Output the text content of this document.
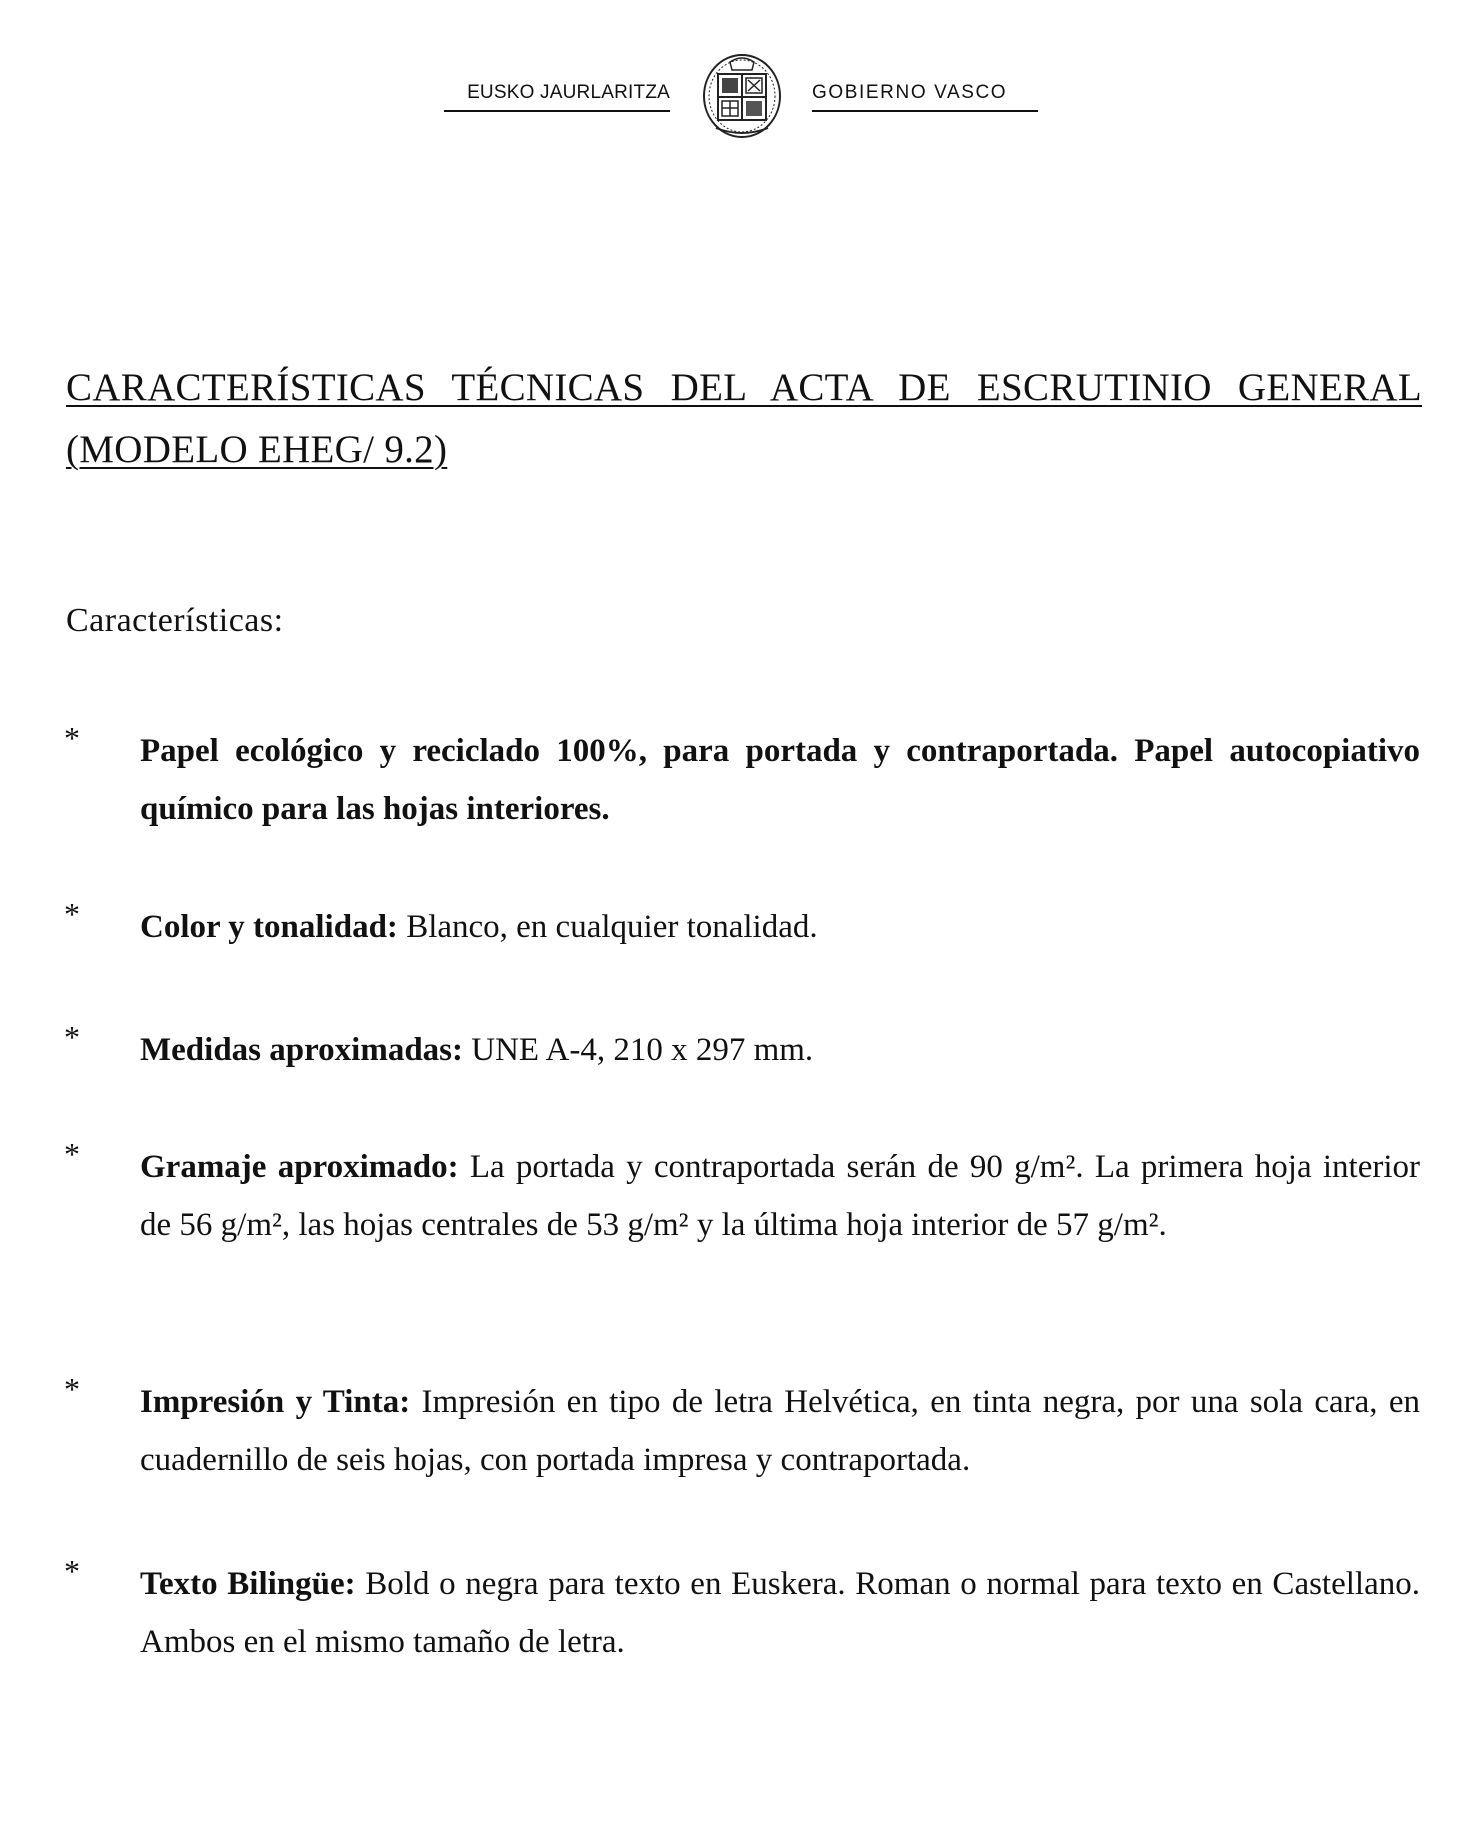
EUSKO JAURLARITZA	GOBIERNO VASCO
CARACTERÍSTICAS TÉCNICAS DEL ACTA DE ESCRUTINIO GENERAL
(MODELO EHEG/ 9.2)
Características:
* Papel ecológico y reciclado 100%, para portada y contraportada. Papel autocopiativo químico para las hojas interiores.
* Color y tonalidad: Blanco, en cualquier tonalidad.
* Medidas aproximadas: UNE A-4, 210 x 297 mm.
* Gramaje aproximado: La portada y contraportada serán de 90 g/m². La primera hoja interior de 56 g/m², las hojas centrales de 53 g/m² y la última hoja interior de 57 g/m².
* Impresión y Tinta: Impresión en tipo de letra Helvética, en tinta negra, por una sola cara, en cuadernillo de seis hojas, con portada impresa y contraportada.
* Texto Bilingüe: Bold o negra para texto en Euskera. Roman o normal para texto en Castellano. Ambos en el mismo tamaño de letra.
